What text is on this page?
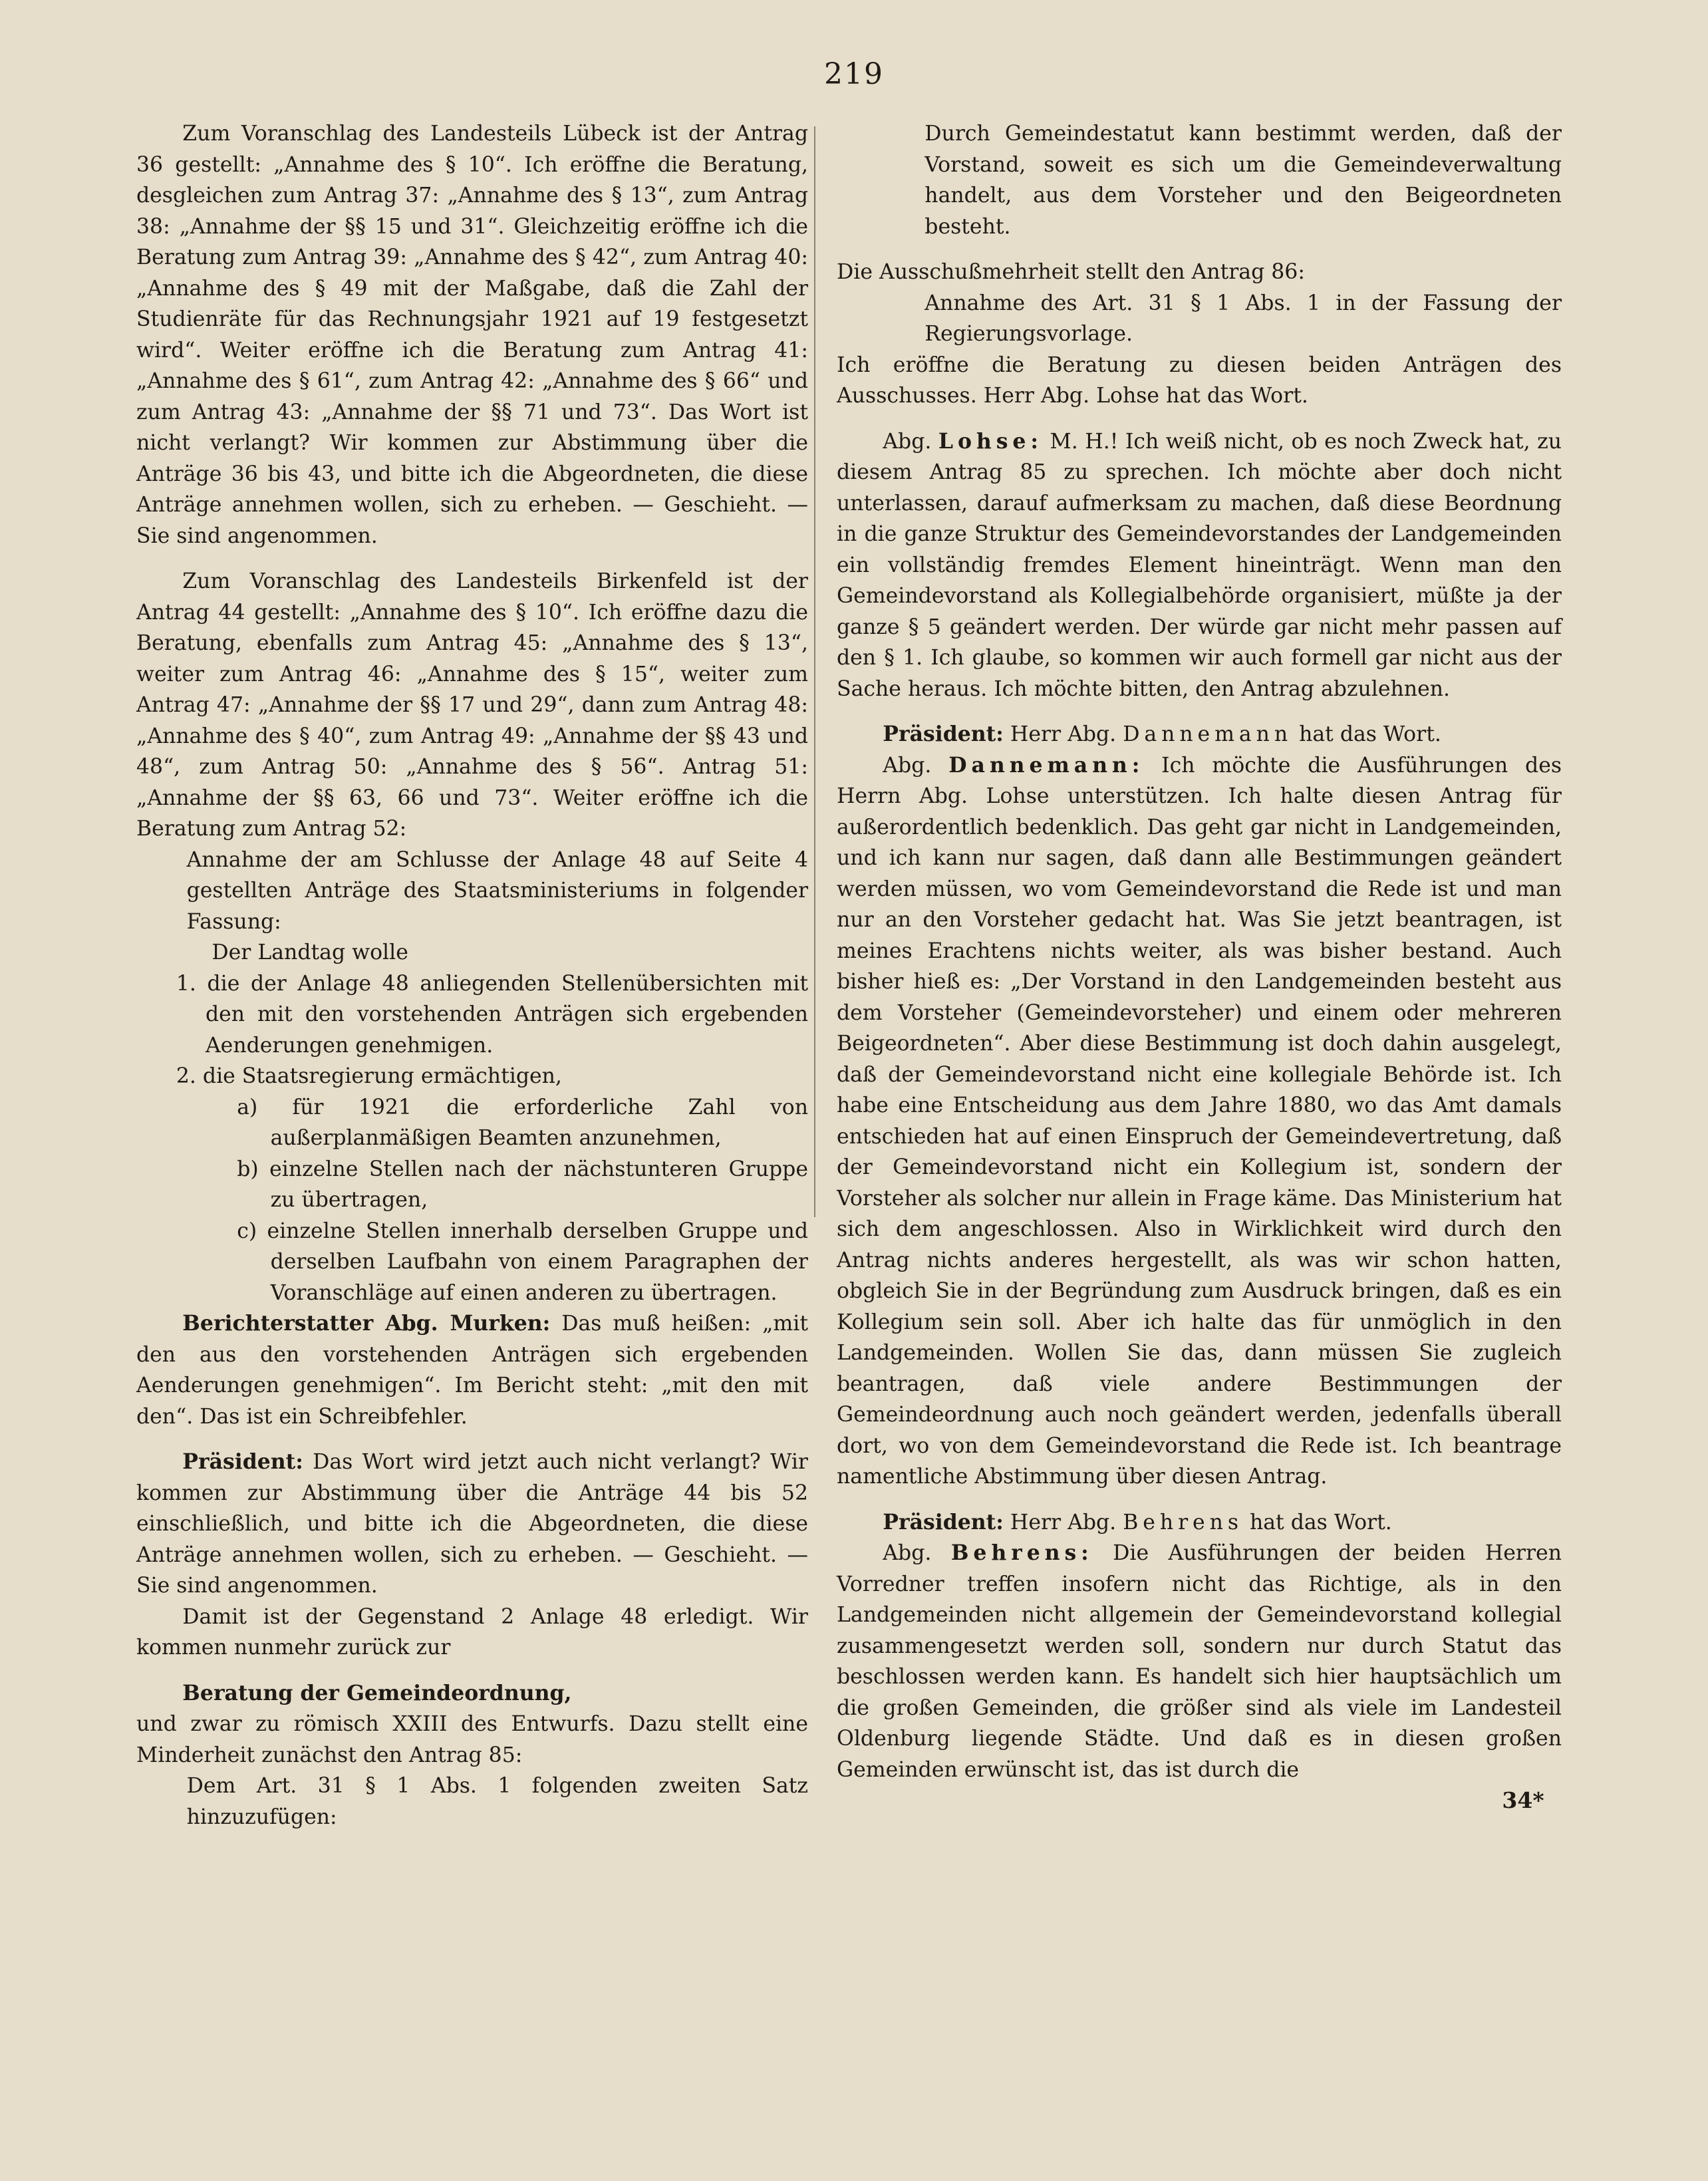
219

Zum Voranschlag des Landesteils Lübeck ist der Antrag 36 gestellt: „Annahme des § 10“. Ich eröffne die Beratung, desgleichen zum Antrag 37: „Annahme des § 13“, zum Antrag 38: „Annahme der §§ 15 und 31“. Gleichzeitig eröffne ich die Beratung zum Antrag 39: „Annahme des § 42“, zum Antrag 40: „Annahme des § 49 mit der Maßgabe, daß die Zahl der Studienräte für das Rechnungsjahr 1921 auf 19 festgesetzt wird“. Weiter eröffne ich die Beratung zum Antrag 41: „Annahme des § 61“, zum Antrag 42: „Annahme des § 66“ und zum Antrag 43: „Annahme der §§ 71 und 73“. Das Wort ist nicht verlangt? Wir kommen zur Abstimmung über die Anträge 36 bis 43, und bitte ich die Abgeordneten, die diese Anträge annehmen wollen, sich zu erheben. — Geschieht. — Sie sind angenommen.

Zum Voranschlag des Landesteils Birkenfeld ist der Antrag 44 gestellt: „Annahme des § 10“. Ich eröffne dazu die Beratung, ebenfalls zum Antrag 45: „Annahme des § 13“, weiter zum Antrag 46: „Annahme des § 15“, weiter zum Antrag 47: „Annahme der §§ 17 und 29“, dann zum Antrag 48: „Annahme des § 40“, zum Antrag 49: „Annahme der §§ 43 und 48“, zum Antrag 50: „Annahme des § 56“. Antrag 51: „Annahme der §§ 63, 66 und 73“. Weiter eröffne ich die Beratung zum Antrag 52:

Annahme der am Schlusse der Anlage 48 auf Seite 4 gestellten Anträge des Staatsministeriums in folgender Fassung:

Der Landtag wolle

1. die der Anlage 48 anliegenden Stellenübersichten mit den mit den vorstehenden Anträgen sich ergebenden Aenderungen genehmigen.

2. die Staatsregierung ermächtigen,

a) für 1921 die erforderliche Zahl von außerplanmäßigen Beamten anzunehmen,

b) einzelne Stellen nach der nächstunteren Gruppe zu übertragen,

c) einzelne Stellen innerhalb derselben Gruppe und derselben Laufbahn von einem Paragraphen der Voranschläge auf einen anderen zu übertragen.

Berichterstatter Abg. Murken: Das muß heißen: „mit den aus den vorstehenden Anträgen sich ergebenden Aenderungen genehmigen“. Im Bericht steht: „mit den mit den“. Das ist ein Schreibfehler.

Präsident: Das Wort wird jetzt auch nicht verlangt? Wir kommen zur Abstimmung über die Anträge 44 bis 52 einschließlich, und bitte ich die Abgeordneten, die diese Anträge annehmen wollen, sich zu erheben. — Geschieht. — Sie sind angenommen.

Damit ist der Gegenstand 2 Anlage 48 erledigt. Wir kommen nunmehr zurück zur

Beratung der Gemeindeordnung,

und zwar zu römisch XXIII des Entwurfs. Dazu stellt eine Minderheit zunächst den Antrag 85:

Dem Art. 31 § 1 Abs. 1 folgenden zweiten Satz hinzuzufügen:

Durch Gemeindestatut kann bestimmt werden, daß der Vorstand, soweit es sich um die Gemeindeverwaltung handelt, aus dem Vorsteher und den Beigeordneten besteht.

Die Ausschußmehrheit stellt den Antrag 86:

Annahme des Art. 31 § 1 Abs. 1 in der Fassung der Regierungsvorlage.

Ich eröffne die Beratung zu diesen beiden Anträgen des Ausschusses. Herr Abg. Lohse hat das Wort.

Abg. Lohse: M. H.! Ich weiß nicht, ob es noch Zweck hat, zu diesem Antrag 85 zu sprechen. Ich möchte aber doch nicht unterlassen, darauf aufmerksam zu machen, daß diese Beordnung in die ganze Struktur des Gemeindevorstandes der Landgemeinden ein vollständig fremdes Element hineinträgt. Wenn man den Gemeindevorstand als Kollegialbehörde organisiert, müßte ja der ganze § 5 geändert werden. Der würde gar nicht mehr passen auf den § 1. Ich glaube, so kommen wir auch formell gar nicht aus der Sache heraus. Ich möchte bitten, den Antrag abzulehnen.

Präsident: Herr Abg. Dannemann hat das Wort.

Abg. Dannemann: Ich möchte die Ausführungen des Herrn Abg. Lohse unterstützen. Ich halte diesen Antrag für außerordentlich bedenklich. Das geht gar nicht in Landgemeinden, und ich kann nur sagen, daß dann alle Bestimmungen geändert werden müssen, wo vom Gemeindevorstand die Rede ist und man nur an den Vorsteher gedacht hat. Was Sie jetzt beantragen, ist meines Erachtens nichts weiter, als was bisher bestand. Auch bisher hieß es: „Der Vorstand in den Landgemeinden besteht aus dem Vorsteher (Gemeindevorsteher) und einem oder mehreren Beigeordneten“. Aber diese Bestimmung ist doch dahin ausgelegt, daß der Gemeindevorstand nicht eine kollegiale Behörde ist. Ich habe eine Entscheidung aus dem Jahre 1880, wo das Amt damals entschieden hat auf einen Einspruch der Gemeindevertretung, daß der Gemeindevorstand nicht ein Kollegium ist, sondern der Vorsteher als solcher nur allein in Frage käme. Das Ministerium hat sich dem angeschlossen. Also in Wirklichkeit wird durch den Antrag nichts anderes hergestellt, als was wir schon hatten, obgleich Sie in der Begründung zum Ausdruck bringen, daß es ein Kollegium sein soll. Aber ich halte das für unmöglich in den Landgemeinden. Wollen Sie das, dann müssen Sie zugleich beantragen, daß viele andere Bestimmungen der Gemeindeordnung auch noch geändert werden, jedenfalls überall dort, wo von dem Gemeindevorstand die Rede ist. Ich beantrage namentliche Abstimmung über diesen Antrag.

Präsident: Herr Abg. Behrens hat das Wort.

Abg. Behrens: Die Ausführungen der beiden Herren Vorredner treffen insofern nicht das Richtige, als in den Landgemeinden nicht allgemein der Gemeindevorstand kollegial zusammengesetzt werden soll, sondern nur durch Statut das beschlossen werden kann. Es handelt sich hier hauptsächlich um die großen Gemeinden, die größer sind als viele im Landesteil Oldenburg liegende Städte. Und daß es in diesen großen Gemeinden erwünscht ist, das ist durch die

34*
